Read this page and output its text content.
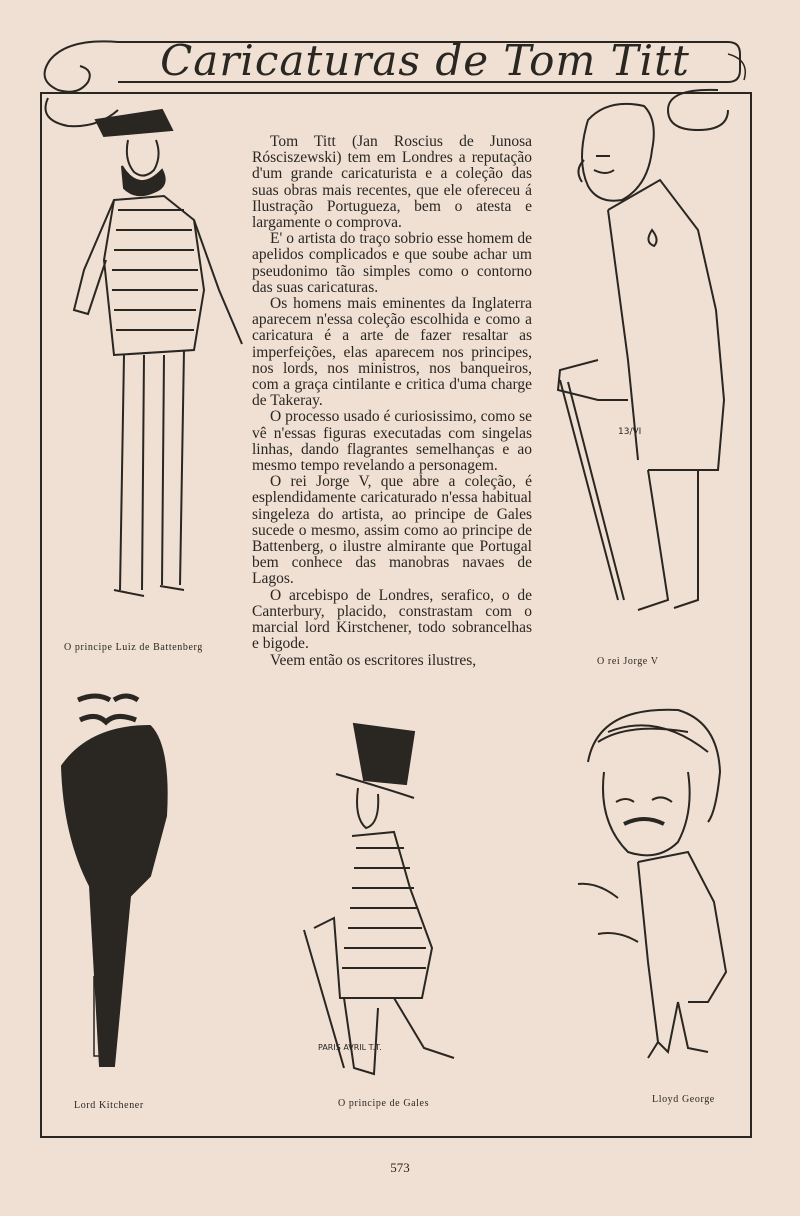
Caricaturas de Tom Titt

Tom Titt (Jan Roscius de Junosa Rósciszewski) tem em Londres a reputação d'um grande caricaturista e a coleção das suas obras mais recentes, que ele ofereceu á Ilustração Portugueza, bem o atesta e largamente o comprova.

E' o artista do traço sobrio esse homem de apelidos complicados e que soube achar um pseudonimo tão simples como o contorno das suas caricaturas.

Os homens mais eminentes da Inglaterra aparecem n'essa coleção escolhida e como a caricatura é a arte de fazer resaltar as imperfeições, elas aparecem nos principes, nos lords, nos ministros, nos banqueiros, com a graça cintilante e critica d'uma charge de Takeray.

O processo usado é curiosissimo, como se vê n'essas figuras executadas com singelas linhas, dando flagrantes semelhanças e ao mesmo tempo revelando a personagem.

O rei Jorge V, que abre a coleção, é esplendidamente caricaturado n'essa habitual singeleza do artista, ao principe de Gales sucede o mesmo, assim como ao principe de Battenberg, o ilustre almirante que Portugal bem conhece das manobras navaes de Lagos.

O arcebispo de Londres, serafico, o de Canterbury, placido, constrastam com o marcial lord Kirstchener, todo sobrancelhas e bigode.

Veem então os escritores ilustres,

O principe Luiz de Battenberg
13/VI
O rei Jorge V
Lord Kitchener
PARIS AVRIL T.T.
O principe de Gales	Lloyd George
573
